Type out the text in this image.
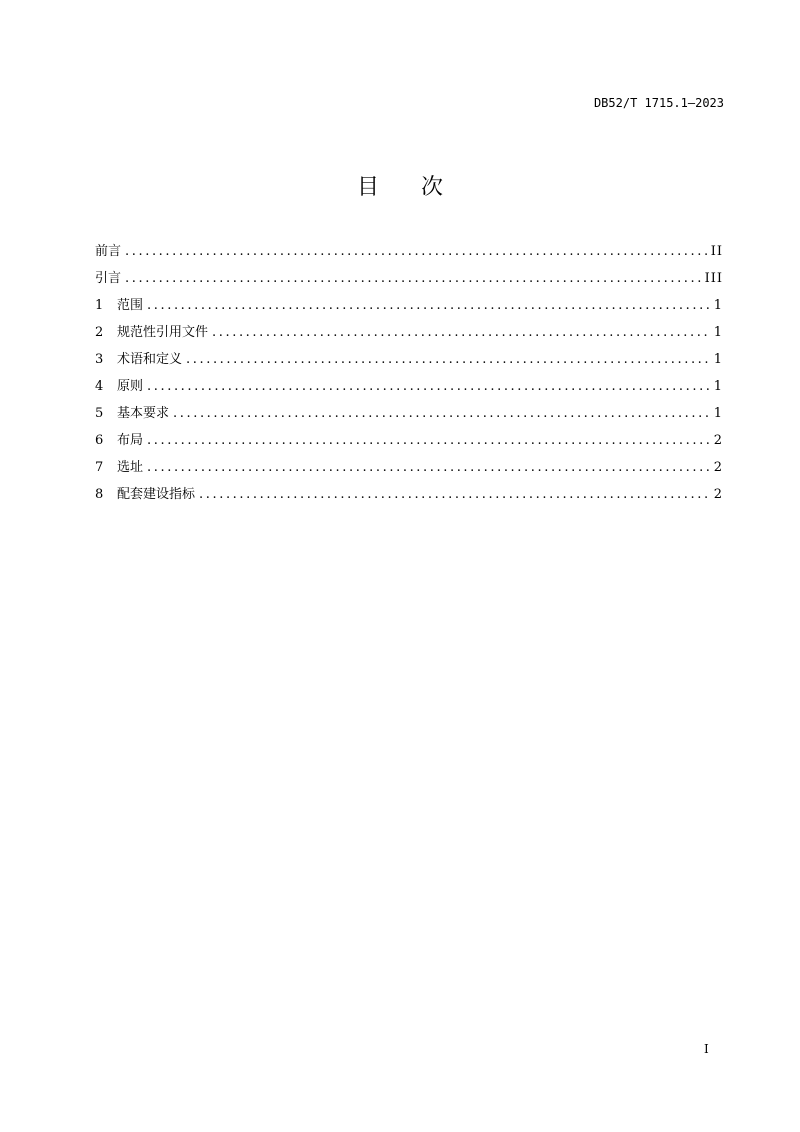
DB52/T 1715.1—2023
目 次
前言 .....	II
引言 .....	III
1	范围 .....	1
2	规范性引用文件 .....	1
3	术语和定义 .....	1
4	原则 .....	1
5	基本要求 .....	1
6	布局 .....	2
7	选址 .....	2
8	配套建设指标 .....	2
I
